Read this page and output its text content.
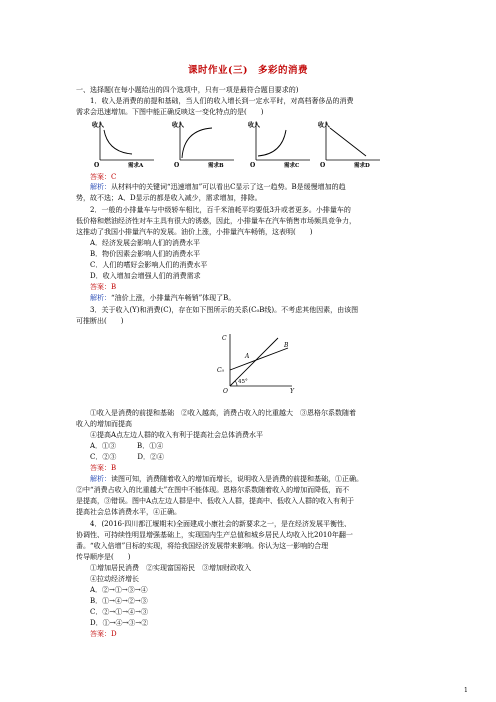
课时作业(三)　多彩的消费
一、选择题(在每小题给出的四个选项中，只有一项是最符合题目要求的)
1．收入是消费的前提和基础，当人们的收入增长到一定水平时，对高档奢侈品的消费
需求会迅速增加。下图中能正确反映这一变化特点的是(　　)
收入
O	需求A
收入
O	需求B
收入
O	需求C
收入
O	需求D
答案：C
解析：从材料中的关键词“迅速增加”可以看出C显示了这一趋势。B是缓慢增加的趋
势，故不选；A、D显示的都是收入减少，需求增加，排除。
2．一般的小排量车与中级轿车相比，百千米油耗平均要低3升或者更多。小排量车的
低价格和燃油经济性对车主具有很大的诱惑，因此，小排量车在汽车销售市场频具竞争力，
这推动了我国小排量汽车的发展。油价上涨，小排量汽车畅销，这表明(　　)
A．经济发展会影响人们的消费水平
B．物价因素会影响人们的消费水平
C．人们的嗜好会影响人们的消费水平
D．收入增加会增强人们的消费需求
答案：B
解析：“油价上涨，小排量汽车畅销”体现了B。
3．关于收入(Y)和消费(C)，存在如下图所示的关系(C₀B线)。不考虑其他因素，由该图
可推断出(　　)
C
A
B
C₀
45°
O	Y
①收入是消费的前提和基础　②收入越高，消费占收入的比重越大　③恩格尔系数随着
收入的增加而提高
④提高A点左边人群的收入有利于提高社会总体消费水平
A．①③　　　B．①④
C．②③　　　D．②④
答案：B
解析：读图可知，消费随着收入的增加而增长，说明收入是消费的前提和基础，①正确。
②中“消费占收入的比重越大”在图中不能体现。恩格尔系数随着收入的增加而降低，而不
是提高，③错误。图中A点左边人群是中、低收入人群，提高中、低收入人群的收入有利于
提高社会总体消费水平，④正确。
4．(2016·四川都江堰期末)全面建成小康社会的新要求之一，是在经济发展平衡性、
协调性、可持续性明显增强基础上，实现国内生产总值和城乡居民人均收入比2010年翻一
番。“收入倍增”目标的实现，将给我国经济发展带来影响。你认为这一影响的合理
传导顺序是(　　)
①增加居民消费　②实现富国裕民　③增加财政收入
④拉动经济增长
A．②→①→③→④
B．①→④→②→③
C．②→①→④→③
D．①→④→③→②
答案：D
1
